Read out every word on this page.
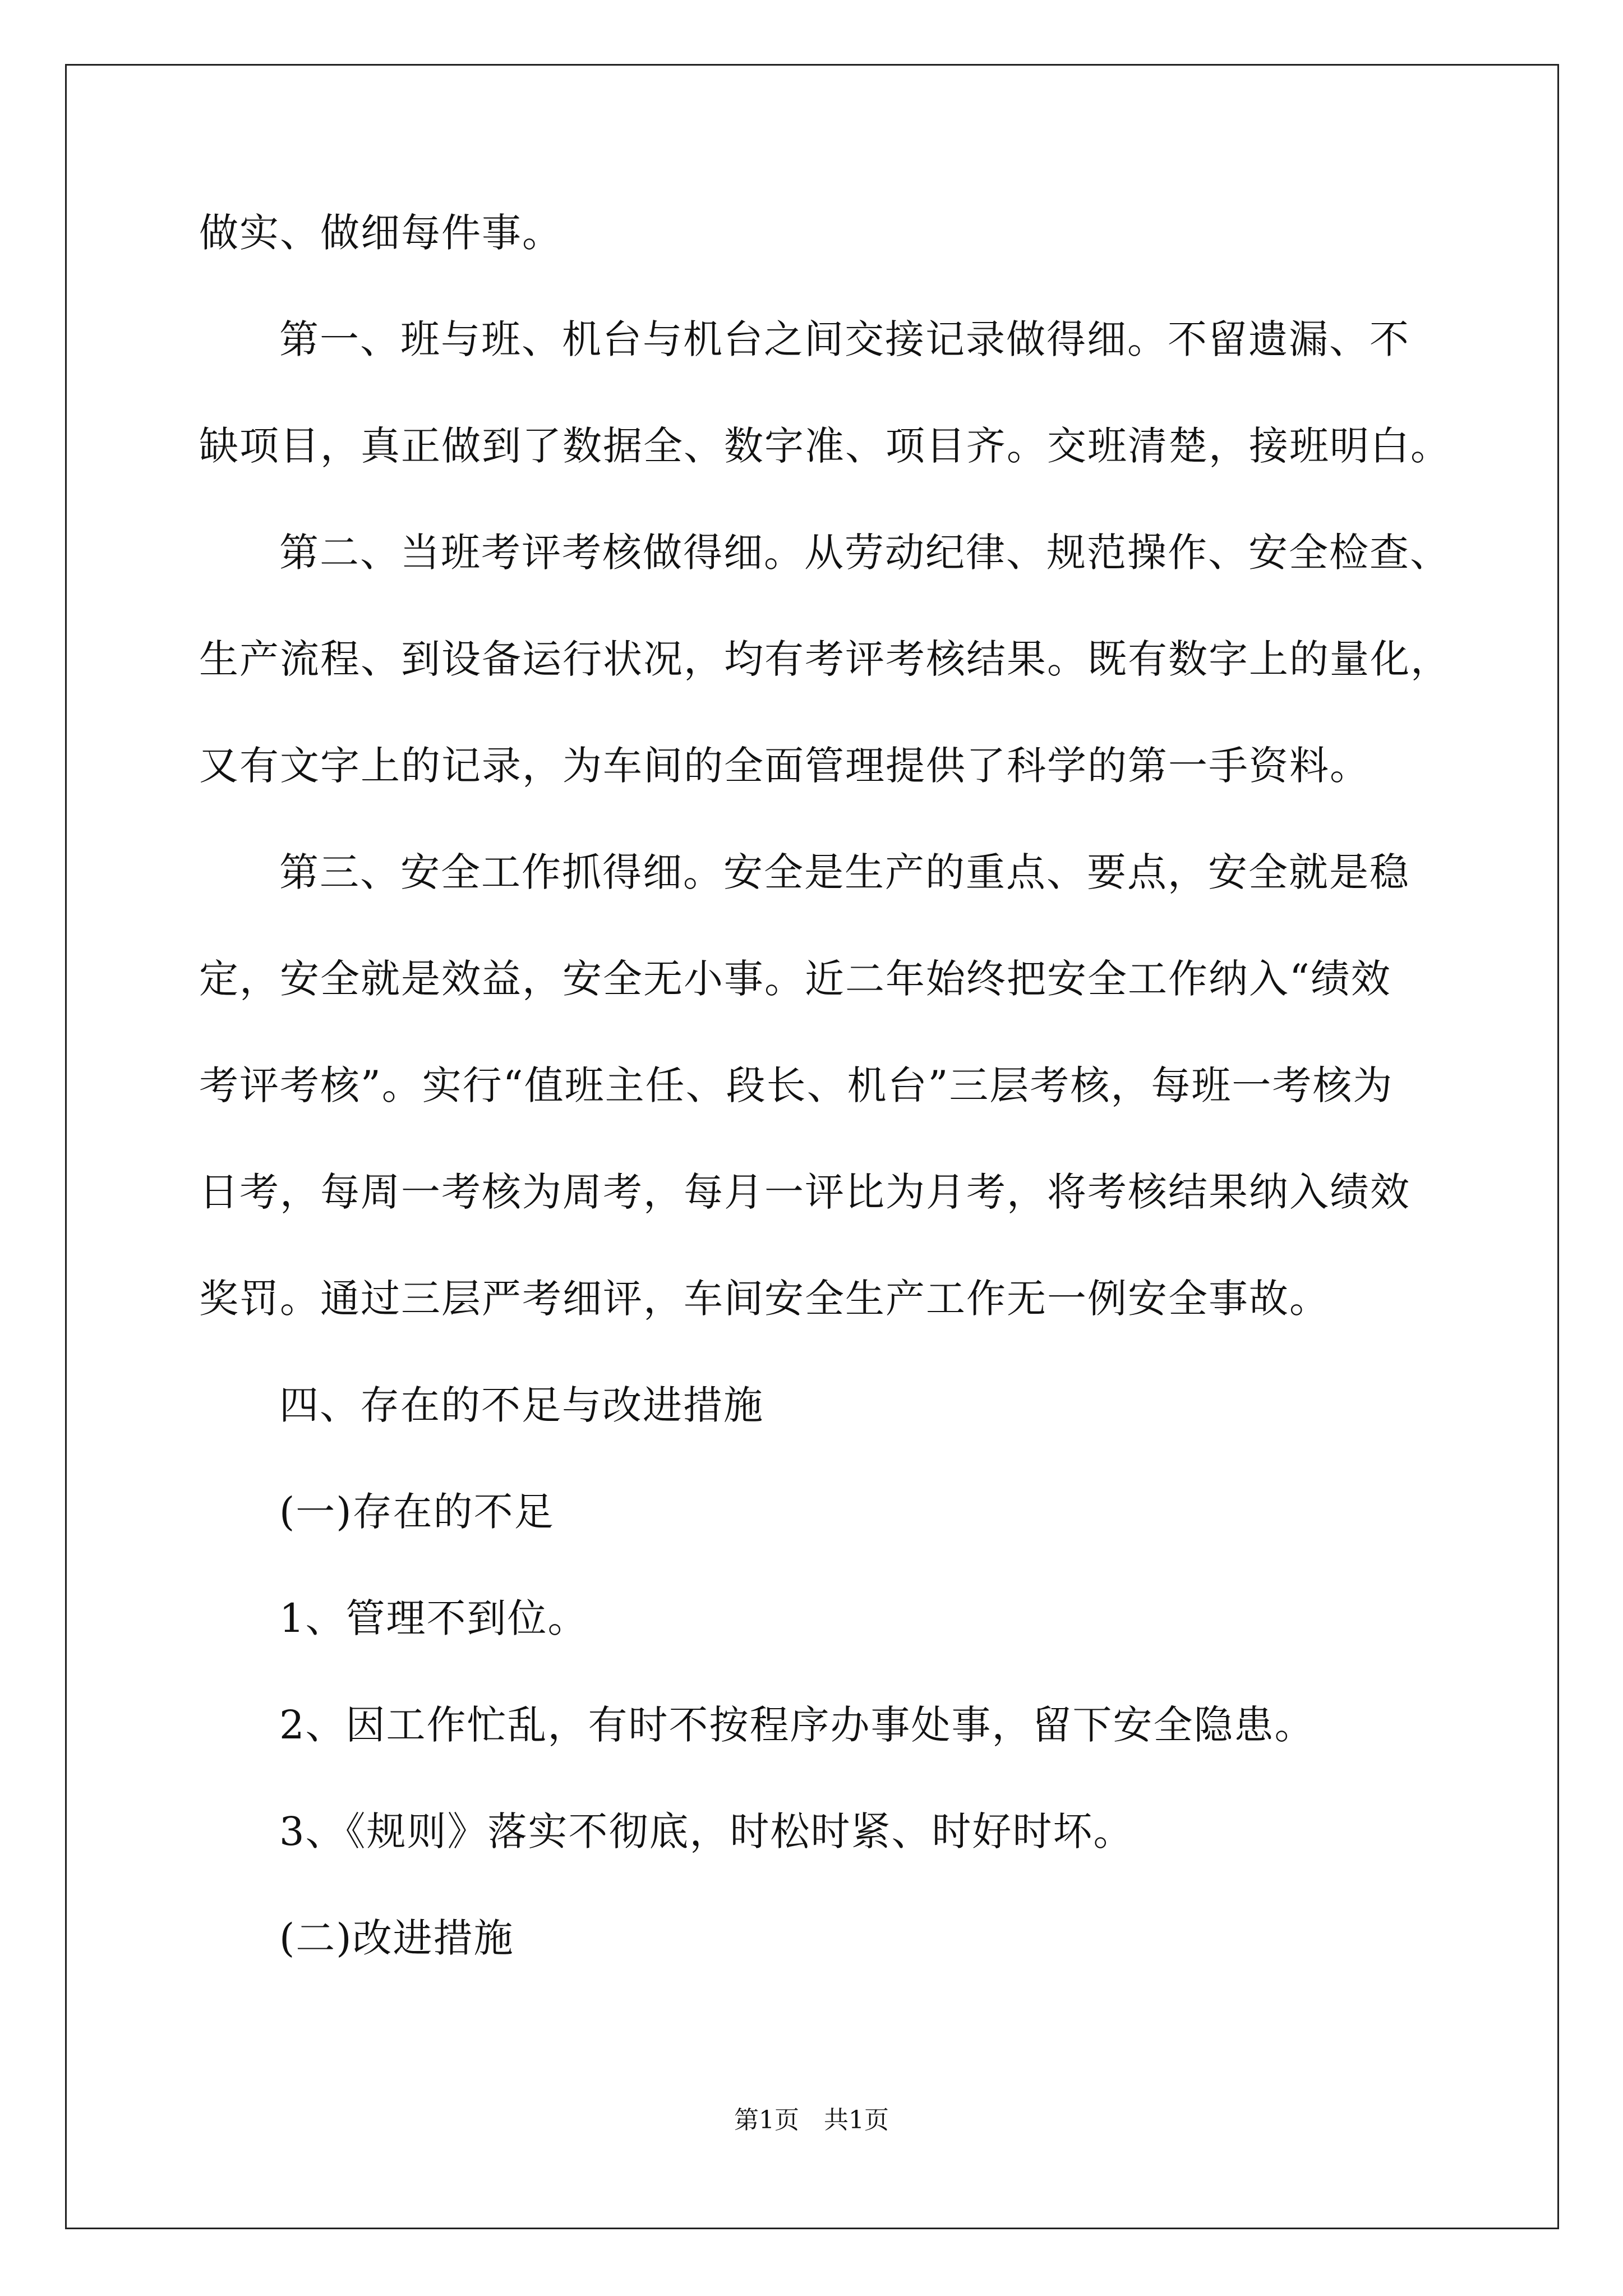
做实、做细每件事。
第一、班与班、机台与机台之间交接记录做得细。不留遗漏、不
缺项目，真正做到了数据全、数字准、项目齐。交班清楚，接班明白。
第二、当班考评考核做得细。从劳动纪律、规范操作、安全检查、
生产流程、到设备运行状况，均有考评考核结果。既有数字上的量化，
又有文字上的记录，为车间的全面管理提供了科学的第一手资料。
第三、安全工作抓得细。安全是生产的重点、要点，安全就是稳
定，安全就是效益，安全无小事。近二年始终把安全工作纳入“绩效
考评考核”。实行“值班主任、段长、机台”三层考核，每班一考核为
日考，每周一考核为周考，每月一评比为月考，将考核结果纳入绩效
奖罚。通过三层严考细评，车间安全生产工作无一例安全事故。
四、存在的不足与改进措施
(一)存在的不足
1、管理不到位。
2、因工作忙乱，有时不按程序办事处事，留下安全隐患。
3、《规则》落实不彻底，时松时紧、时好时坏。
(二)改进措施
第1页　共1页
